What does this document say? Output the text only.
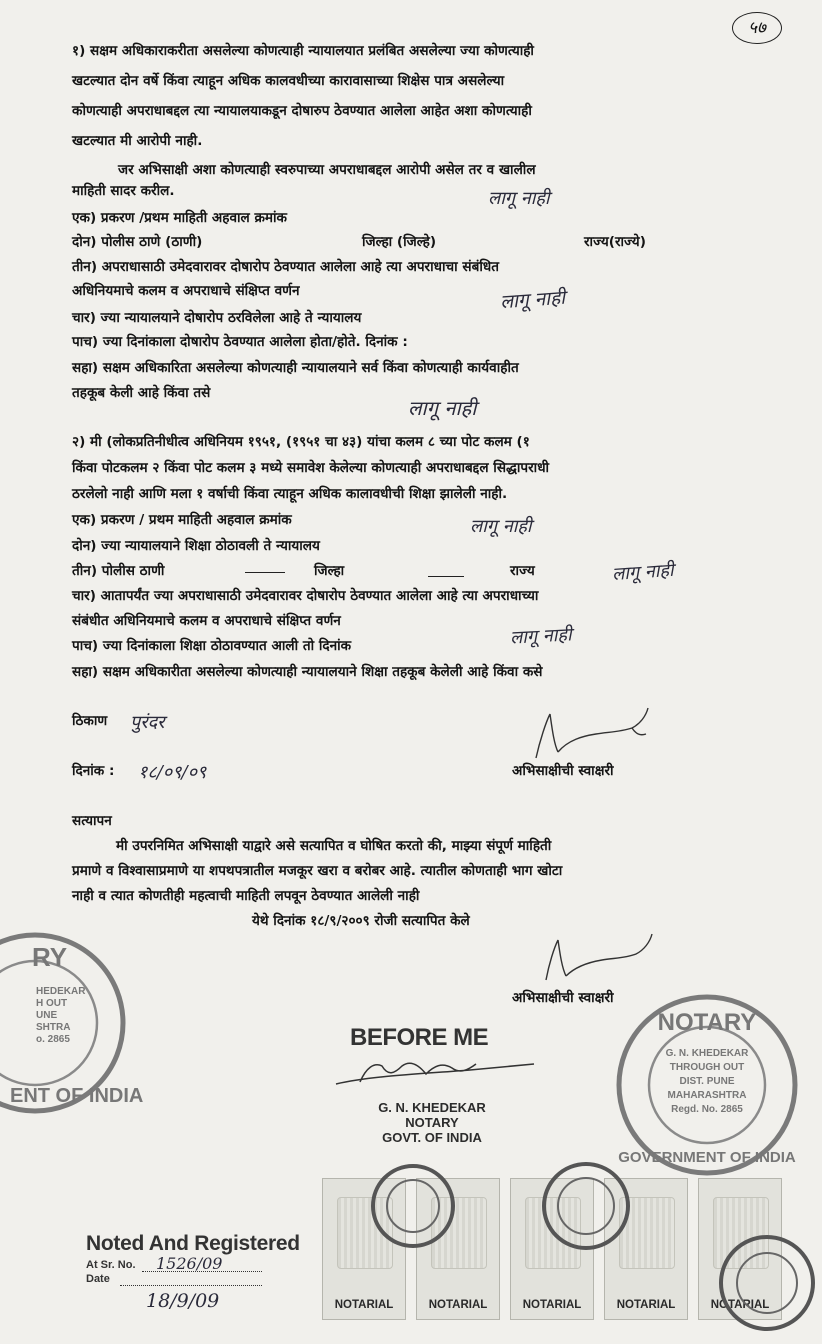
५७
१) सक्षम अधिकाराकरीता असलेल्या कोणत्याही न्यायालयात प्रलंबित असलेल्या ज्या कोणत्याही
खटल्यात दोन वर्षे किंवा त्याहून अधिक कालवधीच्या कारावासाच्या शिक्षेस पात्र असलेल्या
कोणत्याही अपराधाबद्दल त्या न्यायालयाकडून दोषारुप ठेवण्यात आलेला आहेत अशा कोणत्याही
खटल्यात मी आरोपी नाही.
जर अभिसाक्षी अशा कोणत्याही स्वरुपाच्या अपराधाबद्दल आरोपी असेल तर व खालील
माहिती सादर करील.	लागू नाही
एक) प्रकरण /प्रथम माहिती अहवाल क्रमांक
दोन) पोलीस ठाणे (ठाणी)	जिल्हा (जिल्हे)	राज्य(राज्ये)
तीन) अपराधासाठी उमेदवारावर दोषारोप ठेवण्यात आलेला आहे त्या अपराधाचा संबंधित
अधिनियमाचे कलम व अपराधाचे संक्षिप्त वर्णन	लागू नाही
चार) ज्या न्यायालयाने दोषारोप ठरविलेला आहे ते न्यायालय
पाच) ज्या दिनांकाला दोषारोप ठेवण्यात आलेला होता/होते. दिनांक :
सहा) सक्षम अधिकारिता असलेल्या कोणत्याही न्यायालयाने सर्व किंवा कोणत्याही कार्यवाहीत
तहकूब केली आहे किंवा तसे
लागू नाही
२) मी (लोकप्रतिनीधीत्व अधिनियम १९५१, (१९५१ चा ४३) यांचा कलम ८ च्या पोट कलम (१
किंवा पोटकलम २ किंवा पोट कलम ३ मध्ये समावेश केलेल्या कोणत्याही अपराधाबद्दल सिद्धापराधी
ठरलेलो नाही आणि मला १ वर्षाची किंवा त्याहून अधिक कालावधीची शिक्षा झालेली नाही.
एक) प्रकरण / प्रथम माहिती अहवाल क्रमांक	लागू नाही
दोन) ज्या न्यायालयाने शिक्षा ठोठावली ते न्यायालय
तीन) पोलीस ठाणी	जिल्हा	राज्य	लागू नाही
चार) आतापर्यंत ज्या अपराधासाठी उमेदवारावर दोषारोप ठेवण्यात आलेला आहे त्या अपराधाच्या
संबंधीत अधिनियमाचे कलम व अपराधाचे संक्षिप्त वर्णन
लागू नाही
पाच) ज्या दिनांकाला शिक्षा ठोठावण्यात आली तो दिनांक
सहा) सक्षम अधिकारीता असलेल्या कोणत्याही न्यायालयाने शिक्षा तहकूब केलेली आहे किंवा कसे
ठिकाण पुरंदर
दिनांक : १८/०९/०९	अभिसाक्षीची स्वाक्षरी
सत्यापन
मी उपरनिमित अभिसाक्षी याद्वारे असे सत्यापित व घोषित करतो की, माझ्या संपूर्ण माहिती
प्रमाणे व विश्वासाप्रमाणे या शपथपत्रातील मजकूर खरा व बरोबर आहे. त्यातील कोणताही भाग खोटा
नाही व त्यात कोणतीही महत्वाची माहिती लपवून ठेवण्यात आलेली नाही
येथे दिनांक १८/९/२००९ रोजी सत्यापित केले
अभिसाक्षीची स्वाक्षरी
RY
HEDEKAR
H OUT
UNE
SHTRA
o. 2865
ENT OF INDIA
BEFORE ME
G. N. KHEDEKAR
NOTARY
GOVT. OF INDIA
NOTARY
G. N. KHEDEKAR
THROUGH OUT
DIST. PUNE
MAHARASHTRA
Regd. No. 2865
GOVERNMENT OF INDIA
NOTARIAL	NOTARIAL	NOTARIAL	NOTARIAL	NOTARIAL
Noted And Registered
At Sr. No. 1526/09
Date
18/9/09
